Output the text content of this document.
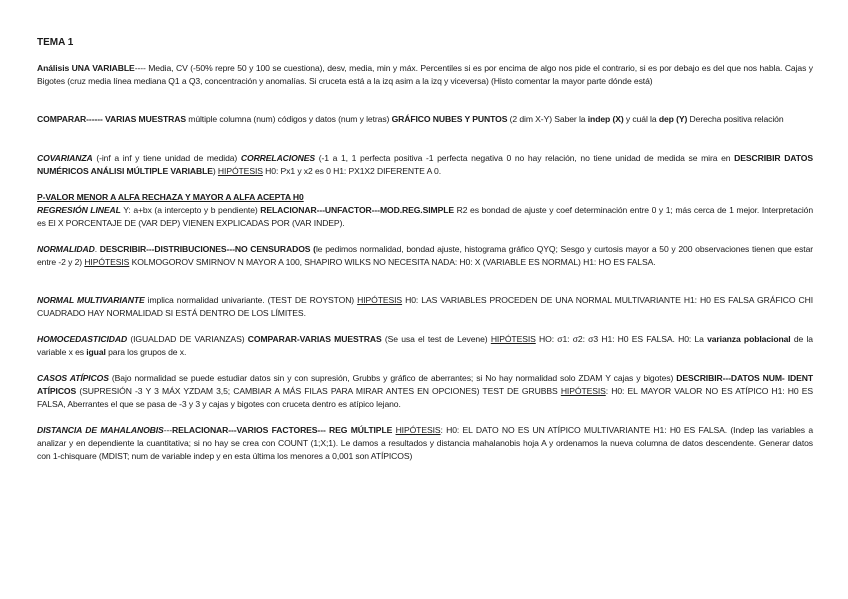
TEMA 1
Análisis UNA VARIABLE---- Media, CV (-50% repre 50 y 100 se cuestiona), desv, media, min y máx. Percentiles si es por encima de algo nos pide el contrario, si es por debajo es del que nos habla. Cajas y Bigotes (cruz media línea mediana Q1 a Q3, concentración y anomalías. Si cruceta está a la izq asim a la izq y viceversa) (Histo comentar la mayor parte dónde está)
COMPARAR------ VARIAS MUESTRAS múltiple columna (num) códigos y datos (num y letras) GRÁFICO NUBES Y PUNTOS (2 dim X-Y) Saber la indep (X) y cuál la dep (Y) Derecha positiva relación
COVARIANZA (-inf a inf y tiene unidad de medida) CORRELACIONES (-1 a 1, 1 perfecta positiva -1 perfecta negativa 0 no hay relación, no tiene unidad de medida se mira en DESCRIBIR DATOS NUMÉRICOS ANÁLISI MÚLTIPLE VARIABLE) HIPÓTESIS H0: Px1 y x2 es 0 H1: PX1X2 DIFERENTE A 0.
P-VALOR MENOR A ALFA RECHAZA Y MAYOR A ALFA ACEPTA H0
REGRESIÓN LINEAL Y: a+bx (a intercepto y b pendiente) RELACIONAR---UNFACTOR---MOD.REG.SIMPLE R2 es bondad de ajuste y coef determinación entre 0 y 1; más cerca de 1 mejor. Interpretación es El X PORCENTAJE DE (VAR DEP) VIENEN EXPLICADAS POR (VAR INDEP).
NORMALIDAD. DESCRIBIR---DISTRIBUCIONES---NO CENSURADOS (le pedimos normalidad, bondad ajuste, histograma gráfico QYQ; Sesgo y curtosis mayor a 50 y 200 observaciones tienen que estar entre -2 y 2) HIPÓTESIS KOLMOGOROV SMIRNOV N MAYOR A 100, SHAPIRO WILKS NO NECESITA NADA: H0: X (VARIABLE ES NORMAL) H1: HO ES FALSA.
NORMAL MULTIVARIANTE implica normalidad univariante. (TEST DE ROYSTON) HIPÓTESIS H0: LAS VARIABLES PROCEDEN DE UNA NORMAL MULTIVARIANTE H1: H0 ES FALSA GRÁFICO CHI CUADRADO HAY NORMALIDAD SI ESTÁ DENTRO DE LOS LÍMITES.
HOMOCEDASTICIDAD (IGUALDAD DE VARIANZAS) COMPARAR-VARIAS MUESTRAS (Se usa el test de Levene) HIPÓTESIS HO: σ1: σ2: σ3 H1: H0 ES FALSA. H0: La varianza poblacional de la variable x es igual para los grupos de x.
CASOS ATÍPICOS (Bajo normalidad se puede estudiar datos sin y con supresión, Grubbs y gráfico de aberrantes; si No hay normalidad solo ZDAM Y cajas y bigotes) DESCRIBIR---DATOS NUM- IDENT ATÍPICOS (SUPRESIÓN -3 Y 3 MÁX YZDAM 3,5; CAMBIAR A MÁS FILAS PARA MIRAR ANTES EN OPCIONES) TEST DE GRUBBS HIPÓTESIS: H0: EL MAYOR VALOR NO ES ATÍPICO H1: H0 ES FALSA, Aberrantes el que se pasa de -3 y 3 y cajas y bigotes con cruceta dentro es atípico lejano.
DISTANCIA DE MAHALANOBIS---RELACIONAR---VARIOS FACTORES--- REG MÚLTIPLE HIPÓTESIS: H0: EL DATO NO ES UN ATÍPICO MULTIVARIANTE H1: H0 ES FALSA. (Indep las variables a analizar y en dependiente la cuantitativa; si no hay se crea con COUNT (1;X;1). Le damos a resultados y distancia mahalanobis hoja A y ordenamos la nueva columna de datos descendente. Generar datos con 1-chisquare (MDIST; num de variable indep y en esta última los menores a 0,001 son ATÍPICOS)
